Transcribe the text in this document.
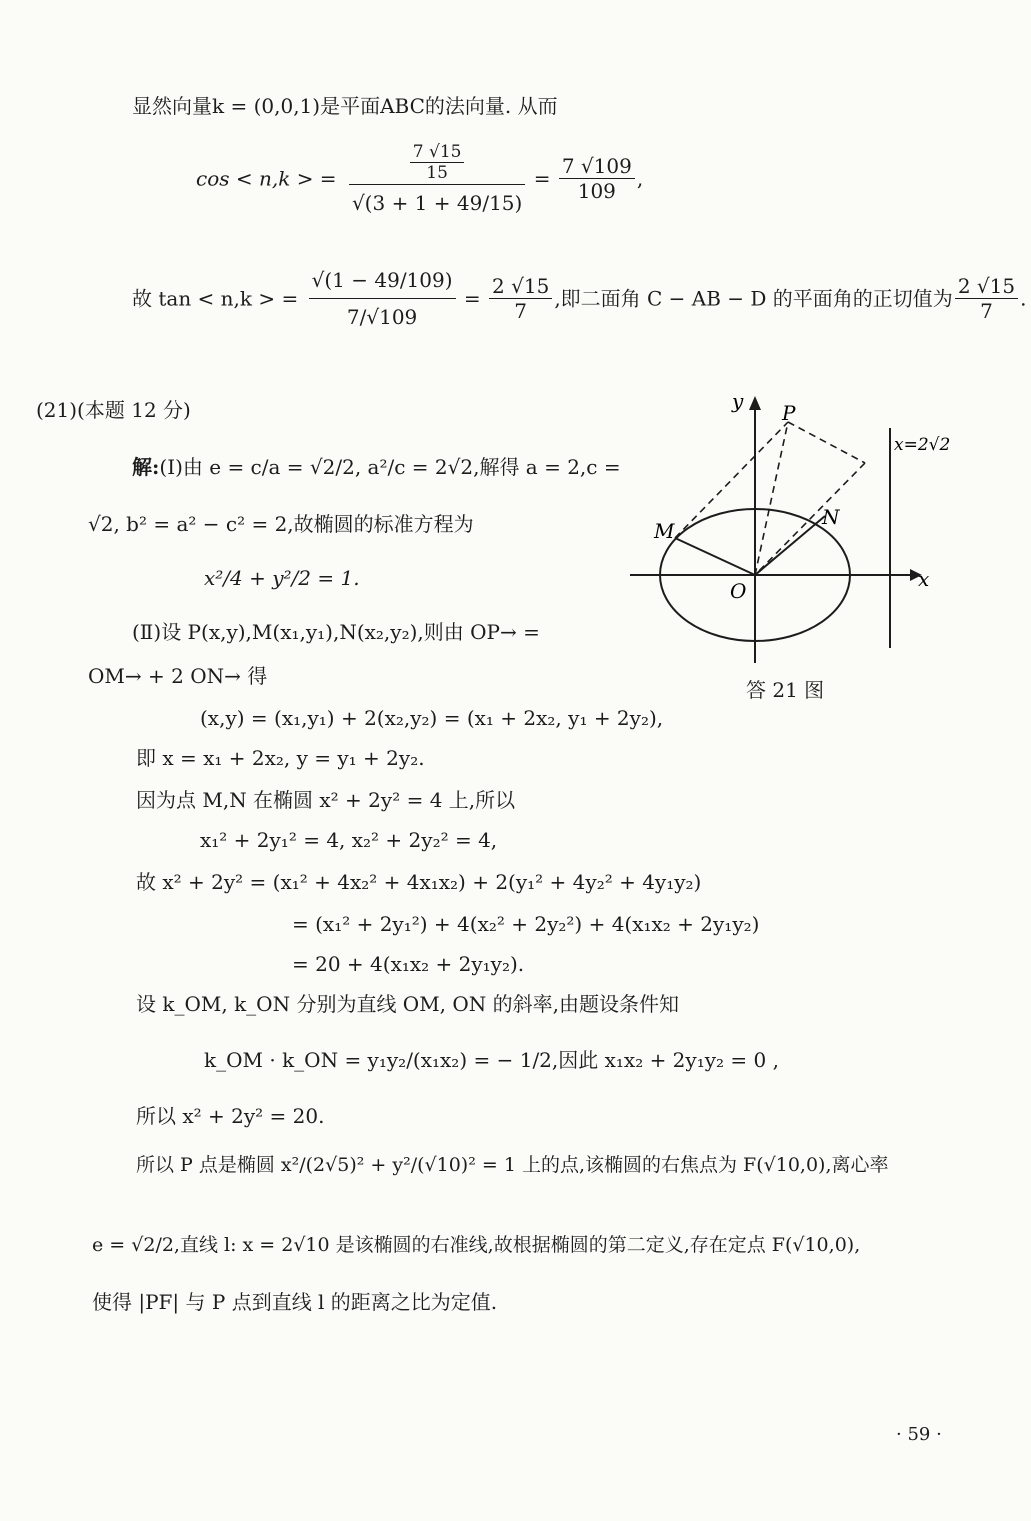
显然向量k = (0,0,1)是平面ABC的法向量. 从而
cos < n,k > = $\frac{\frac{7 √15}{15}}{√(3 + 1 + 49/15)} = \frac{7 √109}{109}$ ,
故 tan < n,k > = $\frac{√(1 - 49/109)}{7/√109} = \frac{2 √15}{7}$ ,即二面角 C − AB − D 的平面角的正切值为 $\frac{2 √15}{7}$ .
(21)(本题 12 分)
解:(Ⅰ)由 e = c/a = √2/2, a²/c = 2√2,解得 a = 2,c =
√2, b² = a² − c² = 2,故椭圆的标准方程为
x²/4 + y²/2 = 1.
(Ⅱ)设 P(x,y),M(x₁,y₁),N(x₂,y₂),则由 OP→ =
OM→ + 2 ON→ 得
(x,y) = (x₁,y₁) + 2(x₂,y₂) = (x₁ + 2x₂, y₁ + 2y₂),
即 x = x₁ + 2x₂, y = y₁ + 2y₂.
因为点 M,N 在椭圆 x² + 2y² = 4 上,所以
x₁² + 2y₁² = 4, x₂² + 2y₂² = 4,
故 x² + 2y² = (x₁² + 4x₂² + 4x₁x₂) + 2(y₁² + 4y₂² + 4y₁y₂)
= (x₁² + 2y₁²) + 4(x₂² + 2y₂²) + 4(x₁x₂ + 2y₁y₂)
= 20 + 4(x₁x₂ + 2y₁y₂).
设 k_OM, k_ON 分别为直线 OM, ON 的斜率,由题设条件知
k_OM · k_ON = y₁y₂/(x₁x₂) = − 1/2,因此 x₁x₂ + 2y₁y₂ = 0 ,
所以 x² + 2y² = 20.
所以 P 点是椭圆 x²/(2√5)² + y²/(√10)² = 1 上的点,该椭圆的右焦点为 F(√10,0),离心率
e = √2/2,直线 l: x = 2√10 是该椭圆的右准线,故根据椭圆的第二定义,存在定点 F(√10,0),
使得 |PF| 与 P 点到直线 l 的距离之比为定值.
y
x
O
P
M
N
x=2√2
答 21 图
· 59 ·
